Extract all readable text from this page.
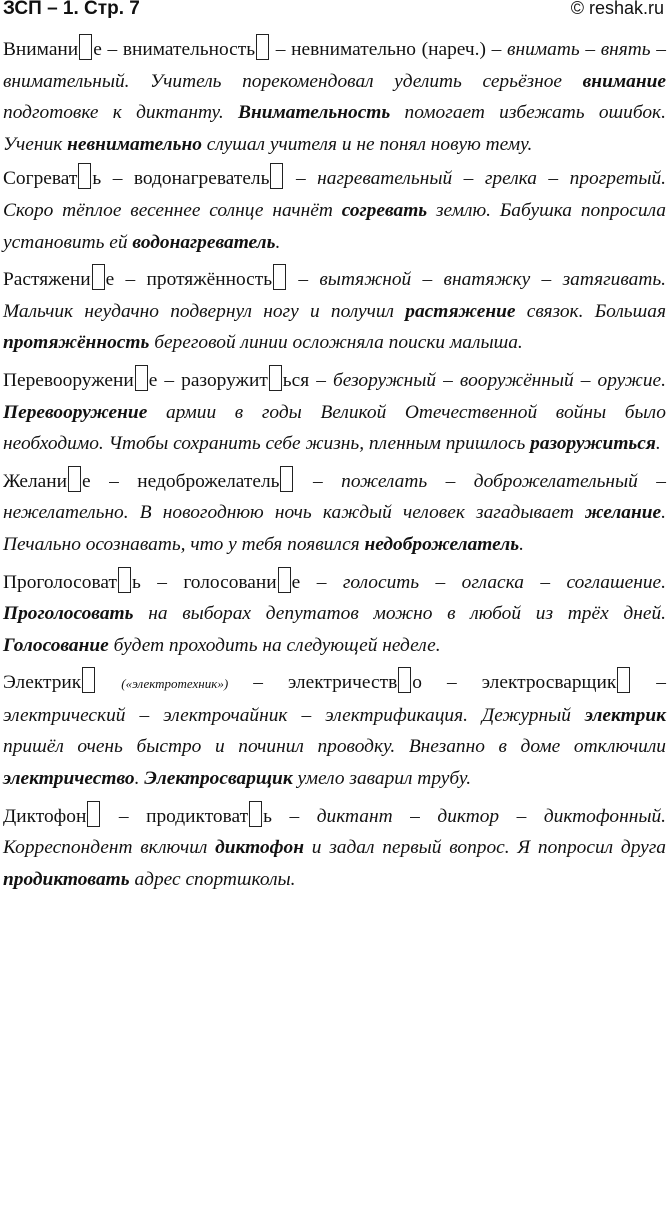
ЗСП – 1. Стр. 7	© reshak.ru

Внимани е – внимательность – невнимательно (нареч.) – внимать – внять – внимательный. Учитель порекомендовал уделить серьёзное внимание подготовке к диктанту. Внимательность помогает избежать ошибок. Ученик невнимательно слушал учителя и не понял новую тему.

Согреват ь – водонагреватель – нагревательный – грелка – прогретый. Скоро тёплое весеннее солнце начнёт согревать землю. Бабушка попросила установить ей водонагреватель.

Растяжени е – протяжённость – вытяжной – внатяжку – затягивать. Мальчик неудачно подвернул ногу и получил растяжение связок. Большая протяжённость береговой линии осложняла поиски малыша.

Перевооружени е – разоружит ься – безоружный – вооружённый – оружие. Перевооружение армии в годы Великой Отечественной войны было необходимо. Чтобы сохранить себе жизнь, пленным пришлось разоружиться.

Желани е – недоброжелатель – пожелать – доброжелательный – нежелательно. В новогоднюю ночь каждый человек загадывает желание. Печально осознавать, что у тебя появился недоброжелатель.

Проголосоват ь – голосовани е – голосить – огласка – соглашение. Проголосовать на выборах депутатов можно в любой из трёх дней. Голосование будет проходить на следующей неделе.

Электрик	(«электротехник») – электричеств о – электросварщик – электрический – электрочайник – электрификация. Дежурный электрик пришёл очень быстро и починил проводку. Внезапно в доме отключили электричество. Электросварщик умело заварил трубу.

Диктофон – продиктоват ь – диктант – диктор – диктофонный. Корреспондент включил диктофон и задал первый вопрос. Я попросил друга продиктовать адрес спортшколы.
